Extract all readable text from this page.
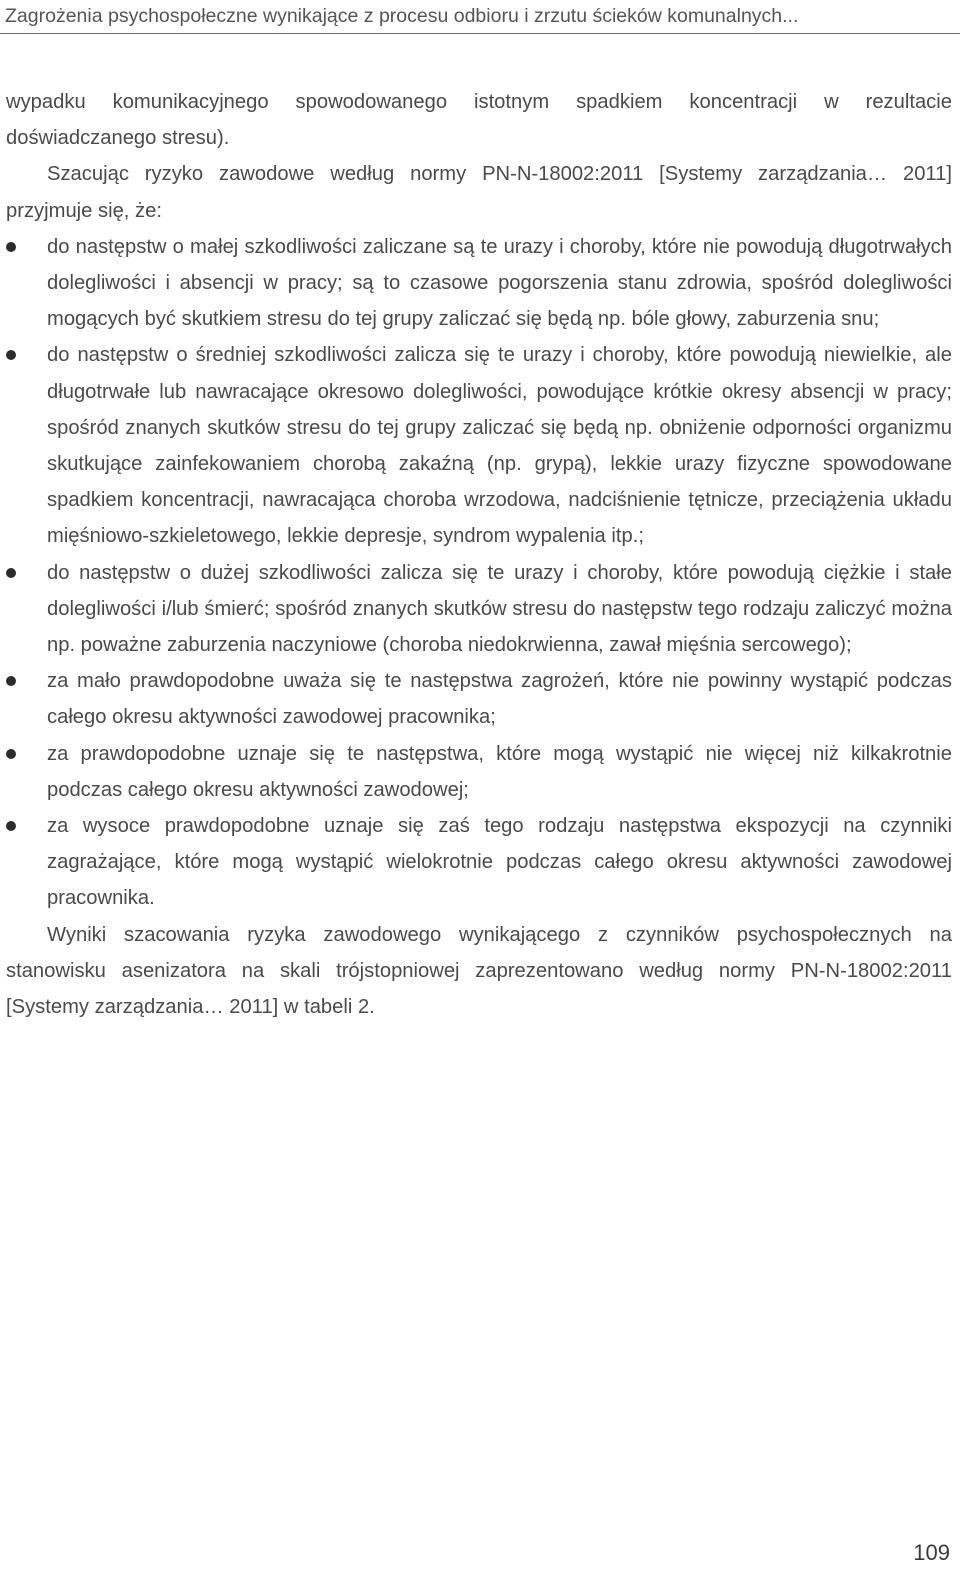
Zagrożenia psychospołeczne wynikające z procesu odbioru i zrzutu ścieków komunalnych...

wypadku komunikacyjnego spowodowanego istotnym spadkiem koncentracji w rezultacie doświadczanego stresu).

Szacując ryzyko zawodowe według normy PN-N-18002:2011 [Systemy zarządzania… 2011] przyjmuje się, że:

do następstw o małej szkodliwości zaliczane są te urazy i choroby, które nie powodują długotrwałych dolegliwości i absencji w pracy; są to czasowe pogorszenia stanu zdrowia, spośród dolegliwości mogących być skutkiem stresu do tej grupy zaliczać się będą np. bóle głowy, zaburzenia snu;
do następstw o średniej szkodliwości zalicza się te urazy i choroby, które powodują niewielkie, ale długotrwałe lub nawracające okresowo dolegliwości, powodujące krótkie okresy absencji w pracy; spośród znanych skutków stresu do tej grupy zaliczać się będą np. obniżenie odporności organizmu skutkujące zainfekowaniem chorobą zakaźną (np. grypą), lekkie urazy fizyczne spowodowane spadkiem koncentracji, nawracająca choroba wrzodowa, nadciśnienie tętnicze, przeciążenia układu mięśniowo-szkieletowego, lekkie depresje, syndrom wypalenia itp.;
do następstw o dużej szkodliwości zalicza się te urazy i choroby, które powodują ciężkie i stałe dolegliwości i/lub śmierć; spośród znanych skutków stresu do następstw tego rodzaju zaliczyć można np. poważne zaburzenia naczyniowe (choroba niedokrwienna, zawał mięśnia sercowego);
za mało prawdopodobne uważa się te następstwa zagrożeń, które nie powinny wystąpić podczas całego okresu aktywności zawodowej pracownika;
za prawdopodobne uznaje się te następstwa, które mogą wystąpić nie więcej niż kilkakrotnie podczas całego okresu aktywności zawodowej;
za wysoce prawdopodobne uznaje się zaś tego rodzaju następstwa ekspozycji na czynniki zagrażające, które mogą wystąpić wielokrotnie podczas całego okresu aktywności zawodowej pracownika.

Wyniki szacowania ryzyka zawodowego wynikającego z czynników psychospołecznych na stanowisku asenizatora na skali trójstopniowej zaprezentowano według normy PN-N-18002:2011 [Systemy zarządzania… 2011] w tabeli 2.

109
